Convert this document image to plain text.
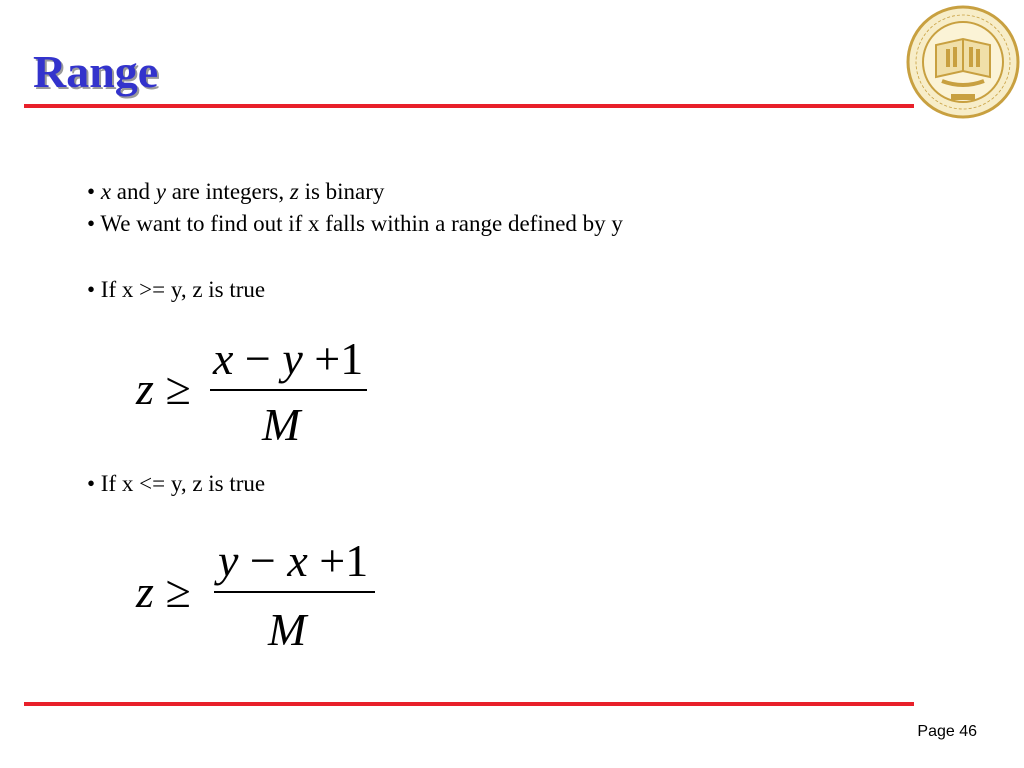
Range
• x and y are integers, z is binary
• We want to find out if x falls within a range defined by y
• If x >= y, z is true
z ≥
x − y +1
M
• If x <= y, z is true
z ≥
y − x +1
M
Page 46
